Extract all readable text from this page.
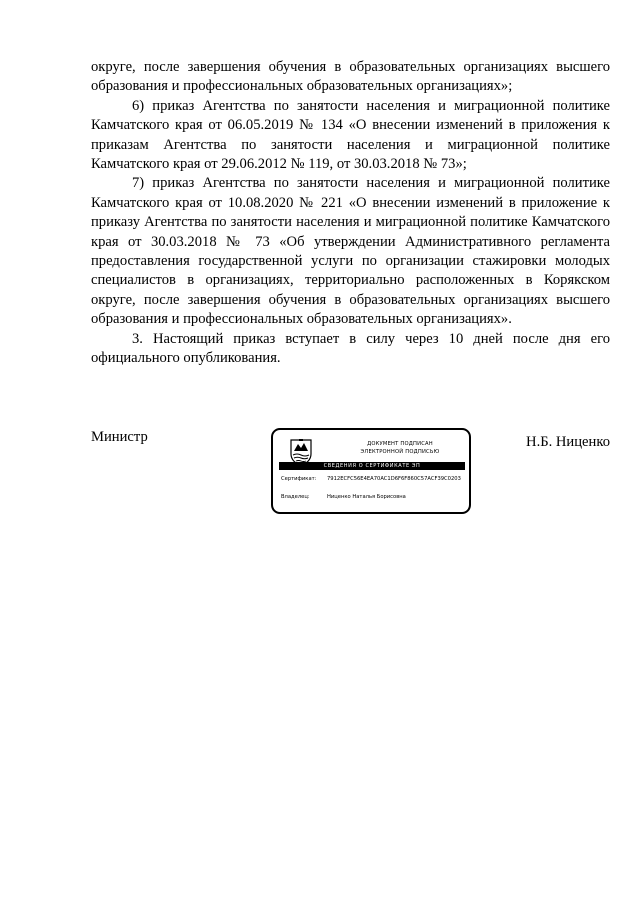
округе, после завершения обучения в образовательных организациях высшего образования и профессиональных образовательных организациях»;

6) приказ Агентства по занятости населения и миграционной политике Камчатского края от 06.05.2019 № 134 «О внесении изменений в приложения к приказам Агентства по занятости населения и миграционной политике Камчатского края от 29.06.2012 № 119, от 30.03.2018 № 73»;

7) приказ Агентства по занятости населения и миграционной политике Камчатского края от 10.08.2020 № 221 «О внесении изменений в приложение к приказу Агентства по занятости населения и миграционной политике Камчатского края от 30.03.2018 № 73 «Об утверждении Административного регламента предоставления государственной услуги по организации стажировки молодых специалистов в организациях, территориально расположенных в Корякском округе, после завершения обучения в образовательных организациях высшего образования и профессиональных образовательных организациях».

3. Настоящий приказ вступает в силу через 10 дней после дня его официального опубликования.

Министр	ДОКУМЕНТ ПОДПИСАН
ЭЛЕКТРОННОЙ ПОДПИСЬЮ
СВЕДЕНИЯ О СЕРТИФИКАТЕ ЭП
Сертификат: 7912ECFC56E4EA70AC1D6F6F860C57ACF39C0203
Владелец:	Ниценко Наталья Борисовна
Н.Б. Ниценко
